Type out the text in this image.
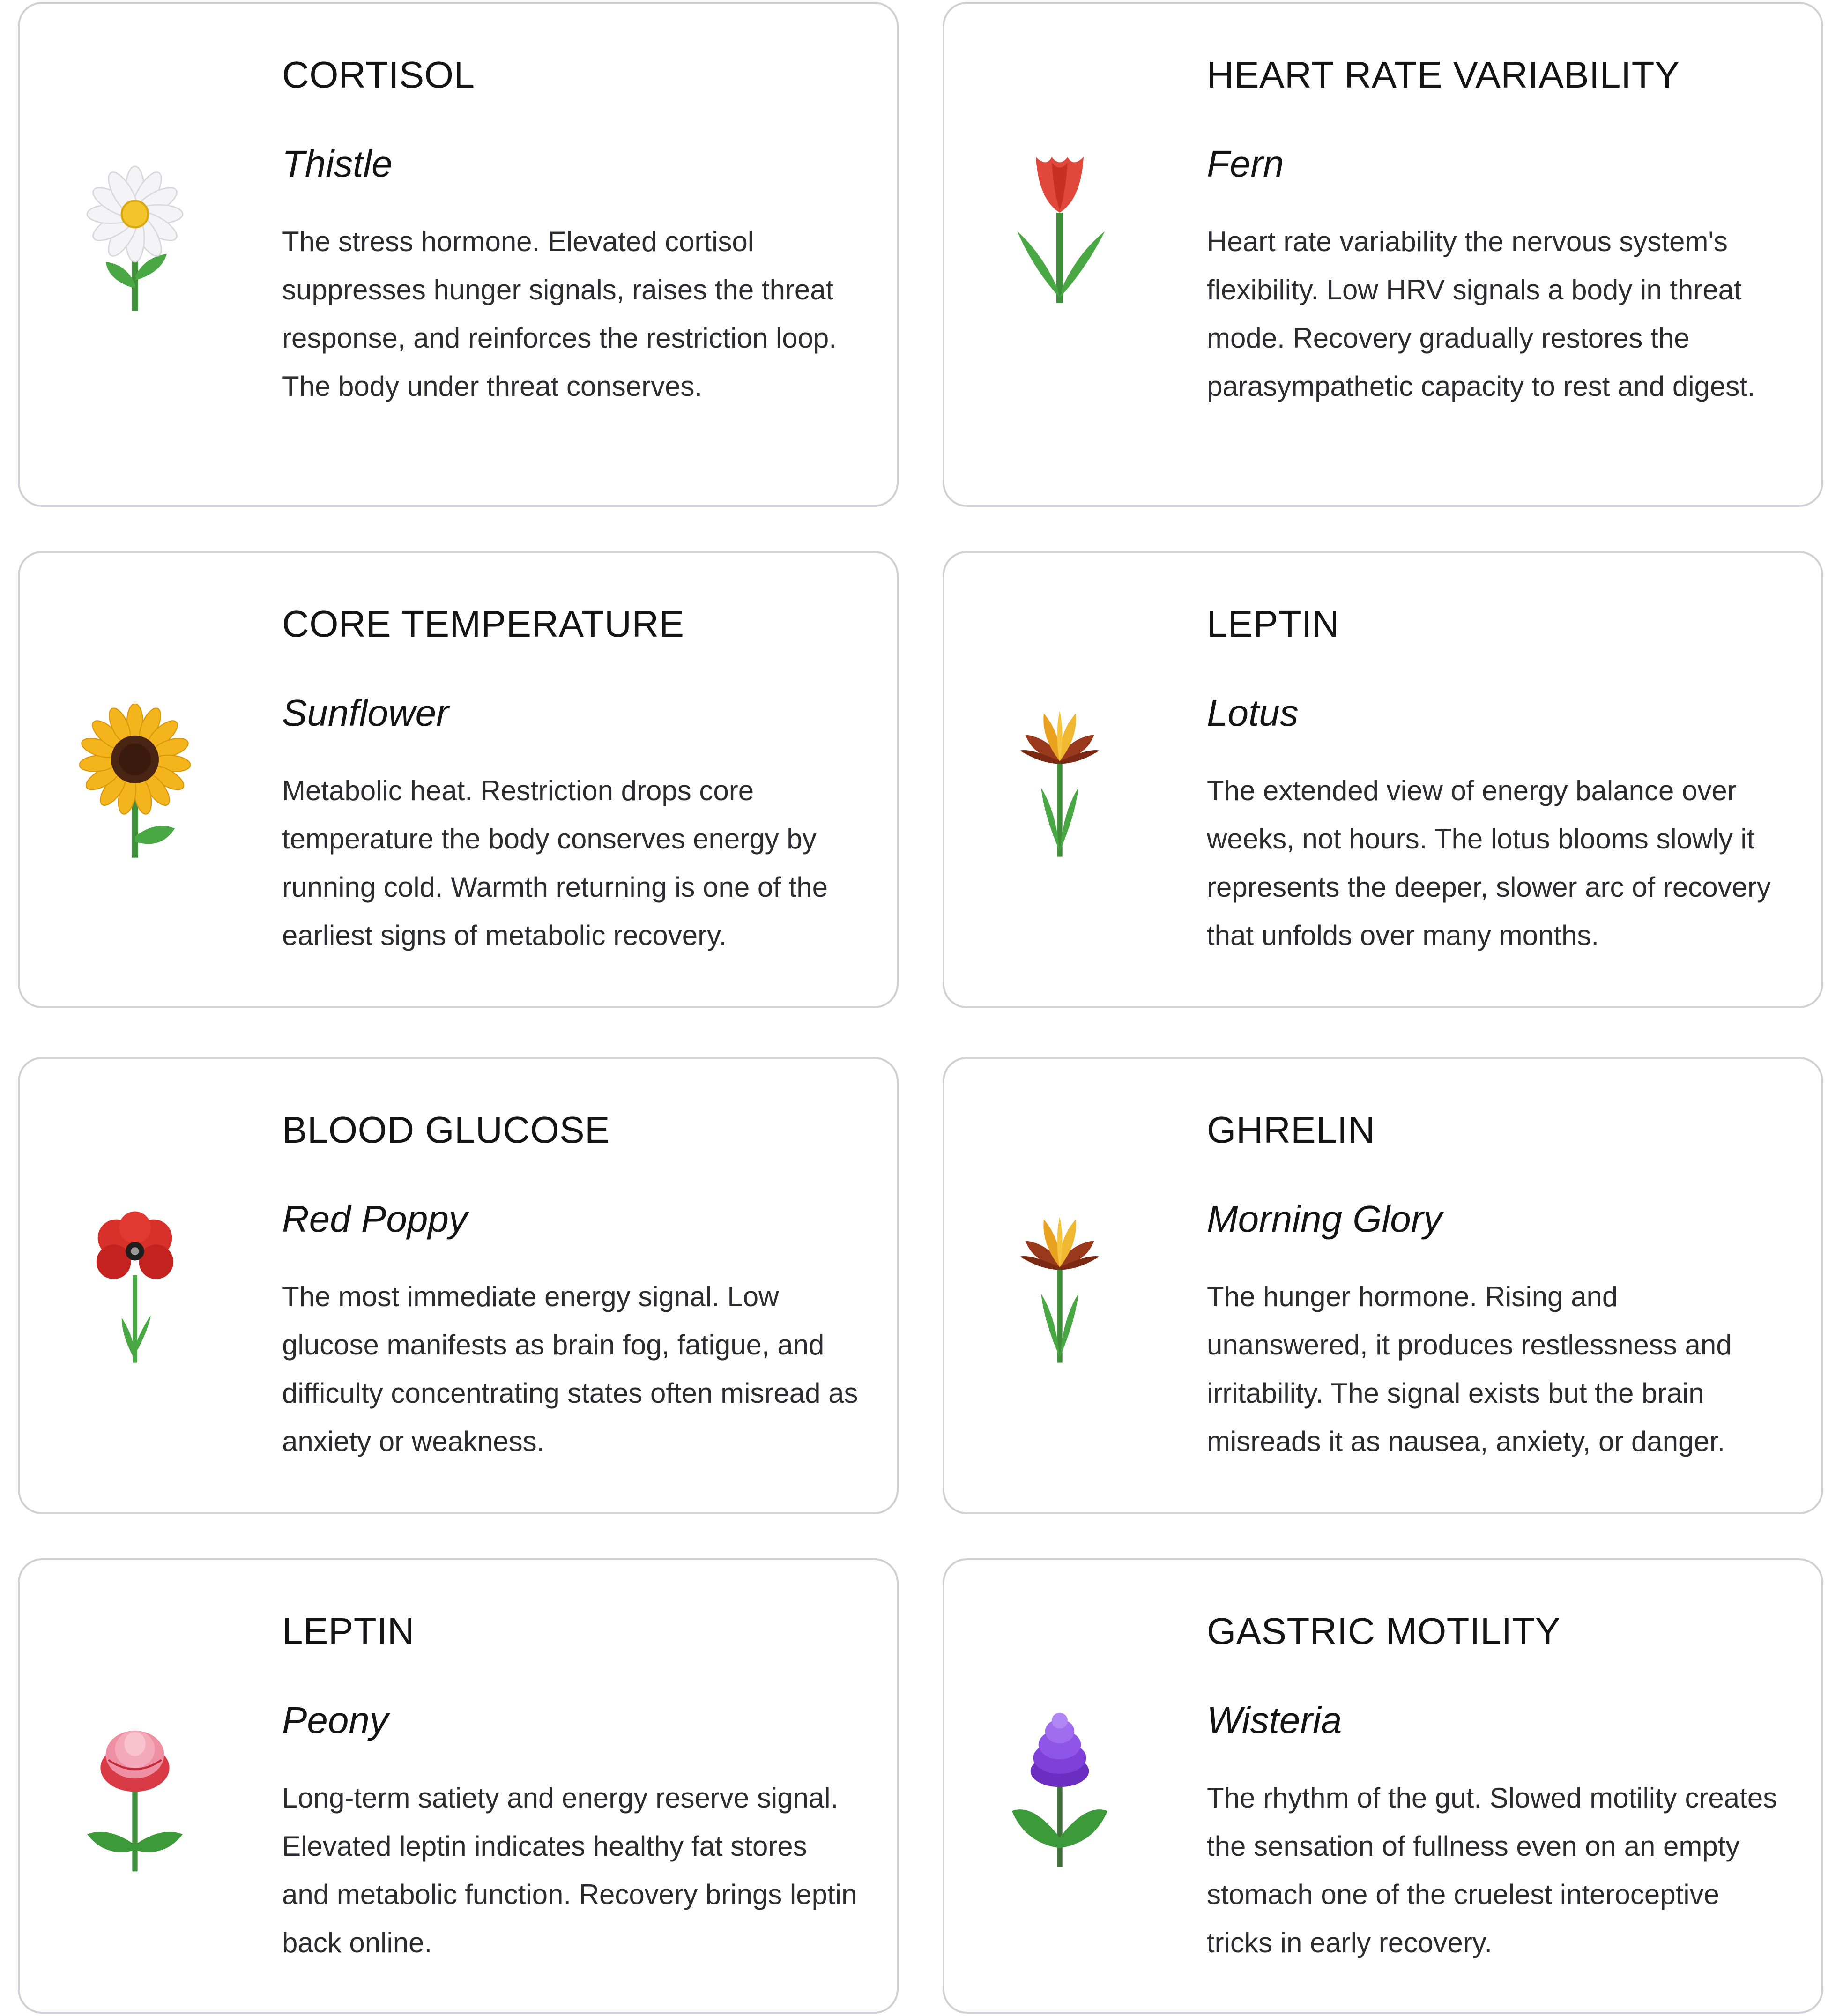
CORTISOL
Thistle
The stress hormone. Elevated cortisol suppresses hunger signals, raises the threat response, and reinforces the restriction loop. The body under threat conserves.
HEART RATE VARIABILITY
Fern
Heart rate variability the nervous system's flexibility. Low HRV signals a body in threat mode. Recovery gradually restores the parasympathetic capacity to rest and digest.
CORE TEMPERATURE
Sunflower
Metabolic heat. Restriction drops core temperature the body conserves energy by running cold. Warmth returning is one of the earliest signs of metabolic recovery.
LEPTIN
Lotus
The extended view of energy balance over weeks, not hours. The lotus blooms slowly it represents the deeper, slower arc of recovery that unfolds over many months.
BLOOD GLUCOSE
Red Poppy
The most immediate energy signal. Low glucose manifests as brain fog, fatigue, and difficulty concentrating states often misread as anxiety or weakness.
GHRELIN
Morning Glory
The hunger hormone. Rising and unanswered, it produces restlessness and irritability. The signal exists but the brain misreads it as nausea, anxiety, or danger.
LEPTIN
Peony
Long-term satiety and energy reserve signal. Elevated leptin indicates healthy fat stores and metabolic function. Recovery brings leptin back online.
GASTRIC MOTILITY
Wisteria
The rhythm of the gut. Slowed motility creates the sensation of fullness even on an empty stomach one of the cruelest interoceptive tricks in early recovery.
